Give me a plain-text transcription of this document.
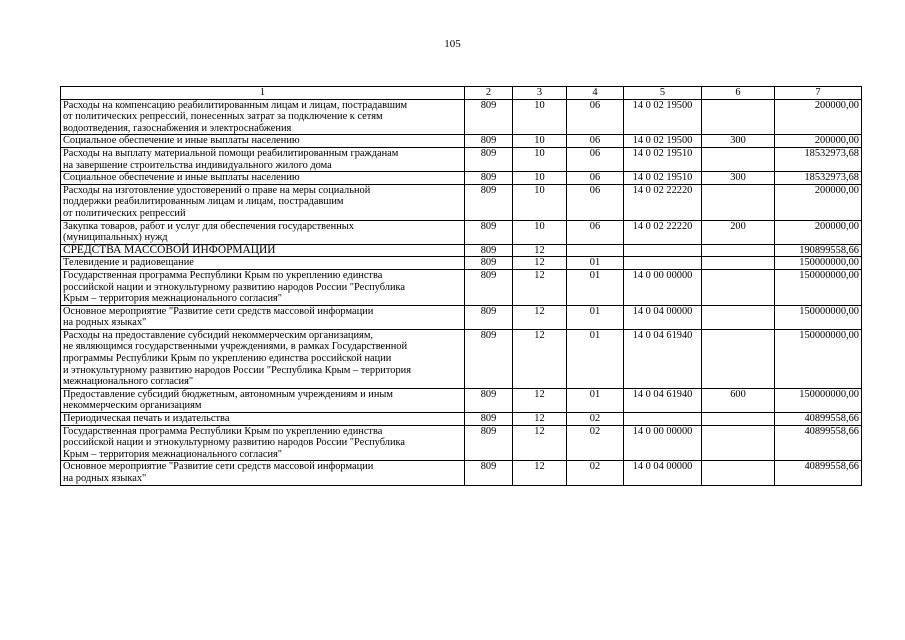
105
1	2	3	4	5	6	7

Расходы на компенсацию реабилитированным лицам и лицам, пострадавшим
от политических репрессий, понесенных затрат за подключение к сетям
водоотведения, газоснабжения и электроснабжения	809	10	06	14 0 02 19500		200000,00

Социальное обеспечение и иные выплаты населению	809	10	06	14 0 02 19500	300	200000,00

Расходы на выплату материальной помощи реабилитированным гражданам
на завершение строительства индивидуального жилого дома	809	10	06	14 0 02 19510		18532973,68

Социальное обеспечение и иные выплаты населению	809	10	06	14 0 02 19510	300	18532973,68

Расходы на изготовление удостоверений о праве на меры социальной
поддержки реабилитированным лицам и лицам, пострадавшим
от политических репрессий	809	10	06	14 0 02 22220		200000,00

Закупка товаров, работ и услуг для обеспечения государственных
(муниципальных) нужд	809	10	06	14 0 02 22220	200	200000,00

СРЕДСТВА МАССОВОЙ ИНФОРМАЦИИ	809	12				190899558,66

Телевидение и радиовещание	809	12	01			150000000,00

Государственная программа Республики Крым по укреплению единства
российской нации и этнокультурному развитию народов России "Республика
Крым – территория межнационального согласия"	809	12	01	14 0 00 00000		150000000,00

Основное мероприятие "Развитие сети средств массовой информации
на родных языках"	809	12	01	14 0 04 00000		150000000,00

Расходы на предоставление субсидий некоммерческим организациям,
не являющимся государственными учреждениями, в рамках Государственной
программы Республики Крым по укреплению единства российской нации
и этнокультурному развитию народов России "Республика Крым – территория
межнационального согласия"	809	12	01	14 0 04 61940		150000000,00

Предоставление субсидий бюджетным, автономным учреждениям и иным
некоммерческим организациям	809	12	01	14 0 04 61940	600	150000000,00

Периодическая печать и издательства	809	12	02			40899558,66

Государственная программа Республики Крым по укреплению единства
российской нации и этнокультурному развитию народов России "Республика
Крым – территория межнационального согласия"	809	12	02	14 0 00 00000		40899558,66

Основное мероприятие "Развитие сети средств массовой информации
на родных языках"	809	12	02	14 0 04 00000		40899558,66
